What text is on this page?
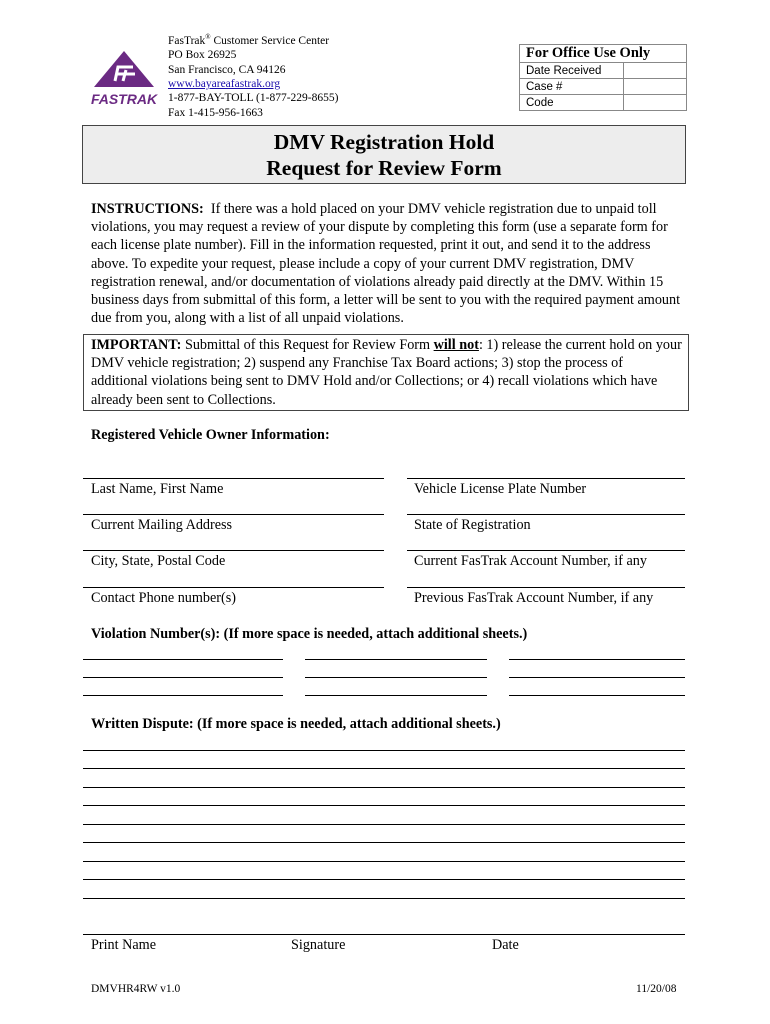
FASTRAK
FasTrak® Customer Service Center
PO Box 26925
San Francisco, CA 94126
www.bayareafastrak.org
1-877-BAY-TOLL (1-877-229-8655)
Fax 1-415-956-1663
For Office Use Only	
Date Received	
Case #	
Code	
DMV Registration Hold
Request for Review Form
INSTRUCTIONS: If there was a hold placed on your DMV vehicle registration due to unpaid toll violations, you may request a review of your dispute by completing this form (use a separate form for each license plate number). Fill in the information requested, print it out, and send it to the address above. To expedite your request, please include a copy of your current DMV registration, DMV registration renewal, and/or documentation of violations already paid directly at the DMV. Within 15 business days from submittal of this form, a letter will be sent to you with the required payment amount due from you, along with a list of all unpaid violations.
IMPORTANT: Submittal of this Request for Review Form will not: 1) release the current hold on your DMV vehicle registration; 2) suspend any Franchise Tax Board actions; 3) stop the process of additional violations being sent to DMV Hold and/or Collections; or 4) recall violations which have already been sent to Collections.
Registered Vehicle Owner Information:
Last Name, First Name	Vehicle License Plate Number
Current Mailing Address	State of Registration
City, State, Postal Code	Current FasTrak Account Number, if any
Contact Phone number(s)	Previous FasTrak Account Number, if any
Violation Number(s): (If more space is needed, attach additional sheets.)
Written Dispute: (If more space is needed, attach additional sheets.)
Print Name	Signature	Date
DMVHR4RW v1.0	11/20/08
